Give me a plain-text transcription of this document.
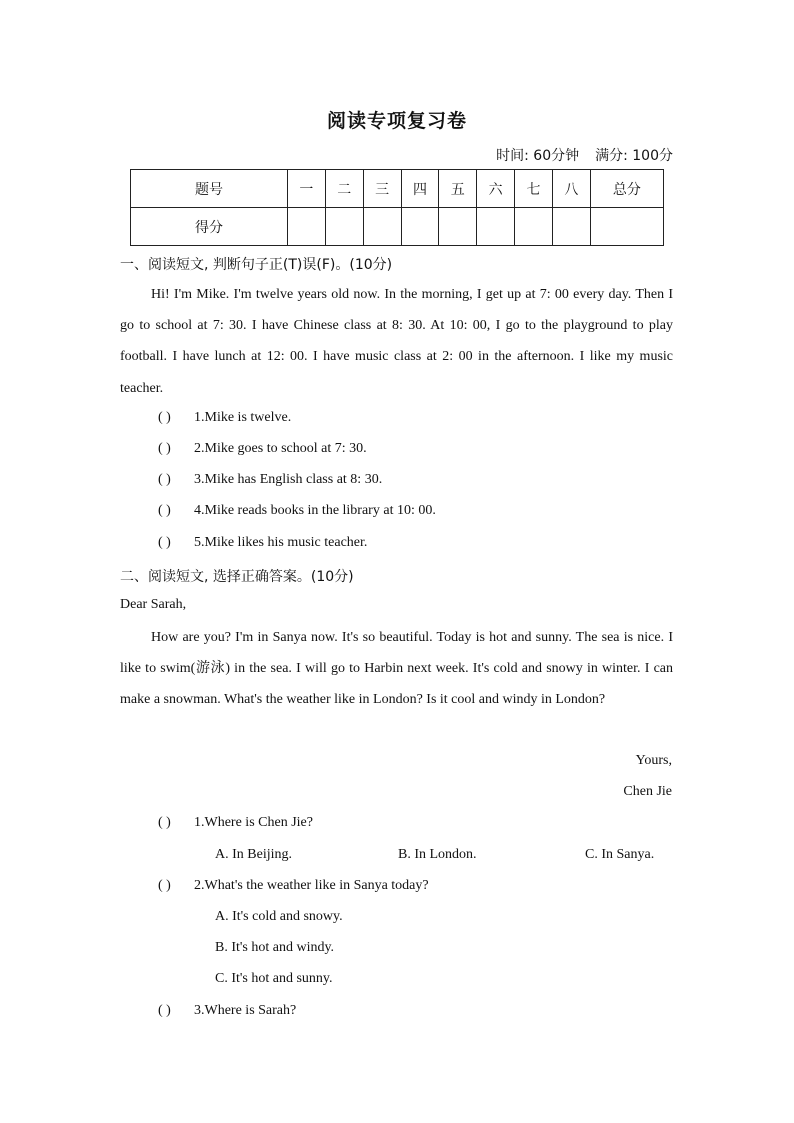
阅读专项复习卷
时间: 60分钟 满分: 100分
题号	一	二	三	四	五	六	七	八	总分
得分									
一、阅读短文, 判断句子正(T)误(F)。(10分)
Hi! I'm Mike. I'm twelve years old now. In the morning, I get up at 7: 00 every day. Then I go to school at 7: 30. I have Chinese class at 8: 30. At 10: 00, I go to the playground to play football. I have lunch at 12: 00. I have music class at 2: 00 in the afternoon. I like my music teacher.
( ) 1.Mike is twelve.
( ) 2.Mike goes to school at 7: 30.
( ) 3.Mike has English class at 8: 30.
( ) 4.Mike reads books in the library at 10: 00.
( ) 5.Mike likes his music teacher.
二、阅读短文, 选择正确答案。(10分)
Dear Sarah,
How are you? I'm in Sanya now. It's so beautiful. Today is hot and sunny. The sea is nice. I like to swim(游泳) in the sea. I will go to Harbin next week. It's cold and snowy in winter. I can make a snowman. What's the weather like in London? Is it cool and windy in London?
Yours,
Chen Jie
( ) 1.Where is Chen Jie?
A. In Beijing.	B. In London.	C. In Sanya.
( ) 2.What's the weather like in Sanya today?
A. It's cold and snowy.
B. It's hot and windy.
C. It's hot and sunny.
( ) 3.Where is Sarah?
